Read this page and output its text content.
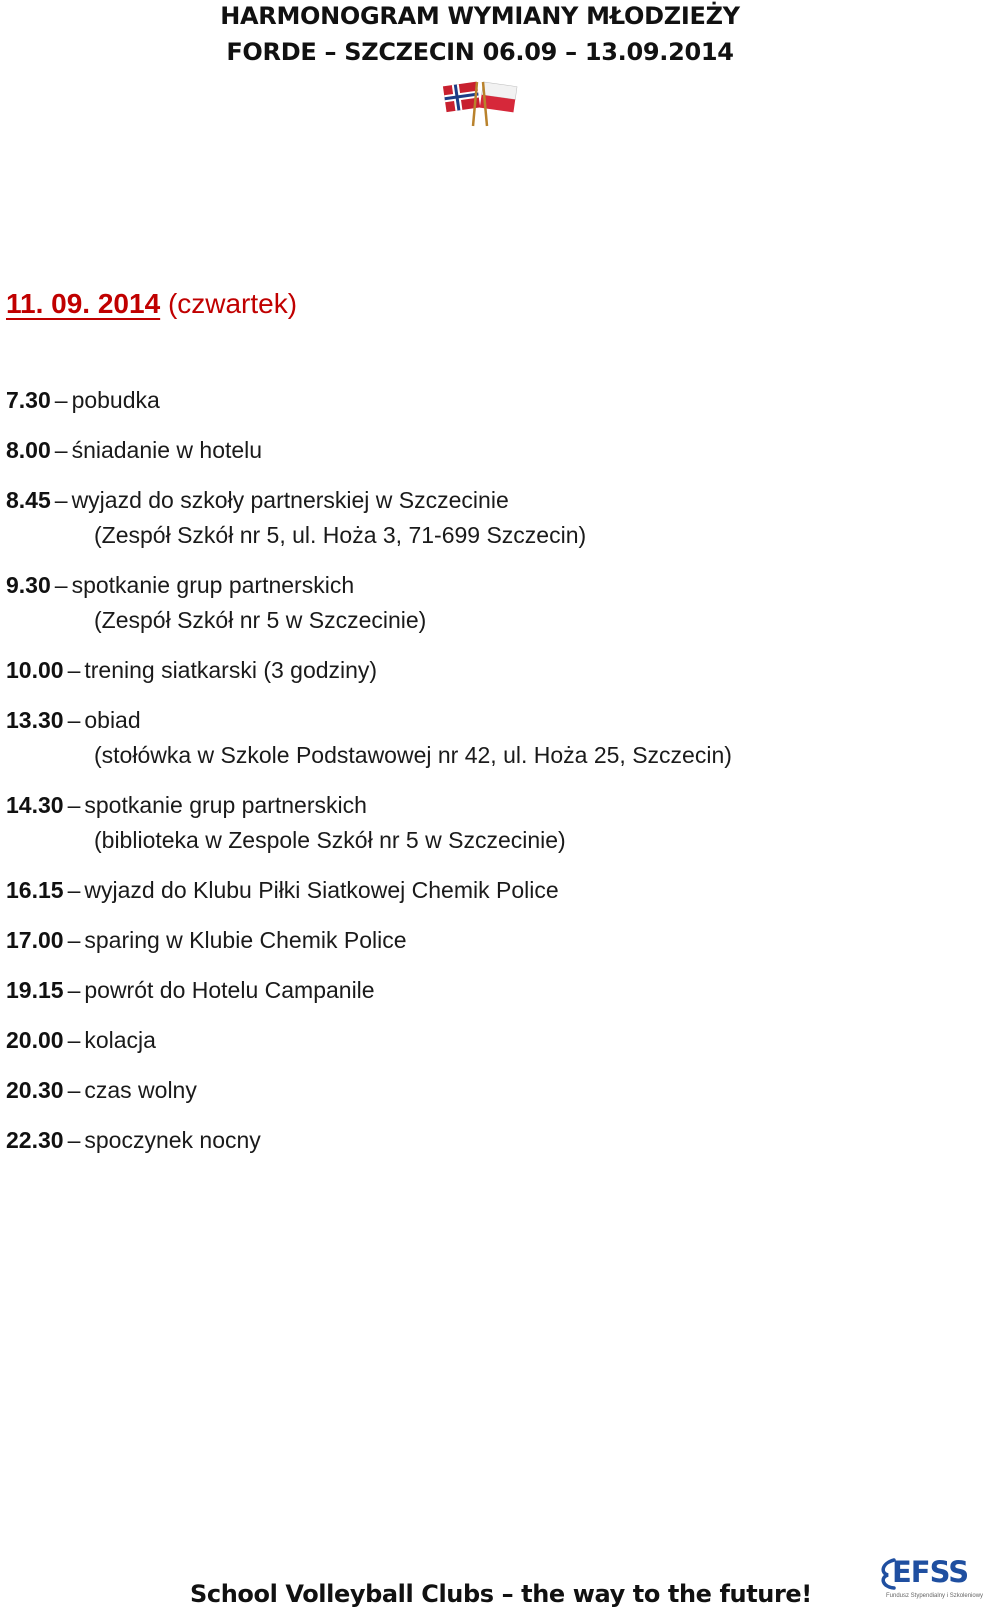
HARMONOGRAM WYMIANY MŁODZIEŻY
FORDE – SZCZECIN 06.09 – 13.09.2014
11. 09. 2014 (czwartek)
7.30 – pobudka
8.00 – śniadanie w hotelu
8.45 – wyjazd do szkoły partnerskiej w Szczecinie
(Zespół Szkół nr 5, ul. Hoża 3, 71-699 Szczecin)
9.30 – spotkanie grup partnerskich
(Zespół Szkół nr 5 w Szczecinie)
10.00 – trening siatkarski (3 godziny)
13.30 – obiad
(stołówka w Szkole Podstawowej nr 42, ul. Hoża 25, Szczecin)
14.30 – spotkanie grup partnerskich
(biblioteka w Zespole Szkół nr 5 w Szczecinie)
16.15 – wyjazd do Klubu Piłki Siatkowej Chemik Police
17.00 – sparing w Klubie Chemik Police
19.15 – powrót do Hotelu Campanile
20.00 – kolacja
20.30 – czas wolny
22.30 – spoczynek nocny
School Volleyball Clubs – the way to the future!
EFSS
Fundusz Stypendialny i Szkoleniowy
